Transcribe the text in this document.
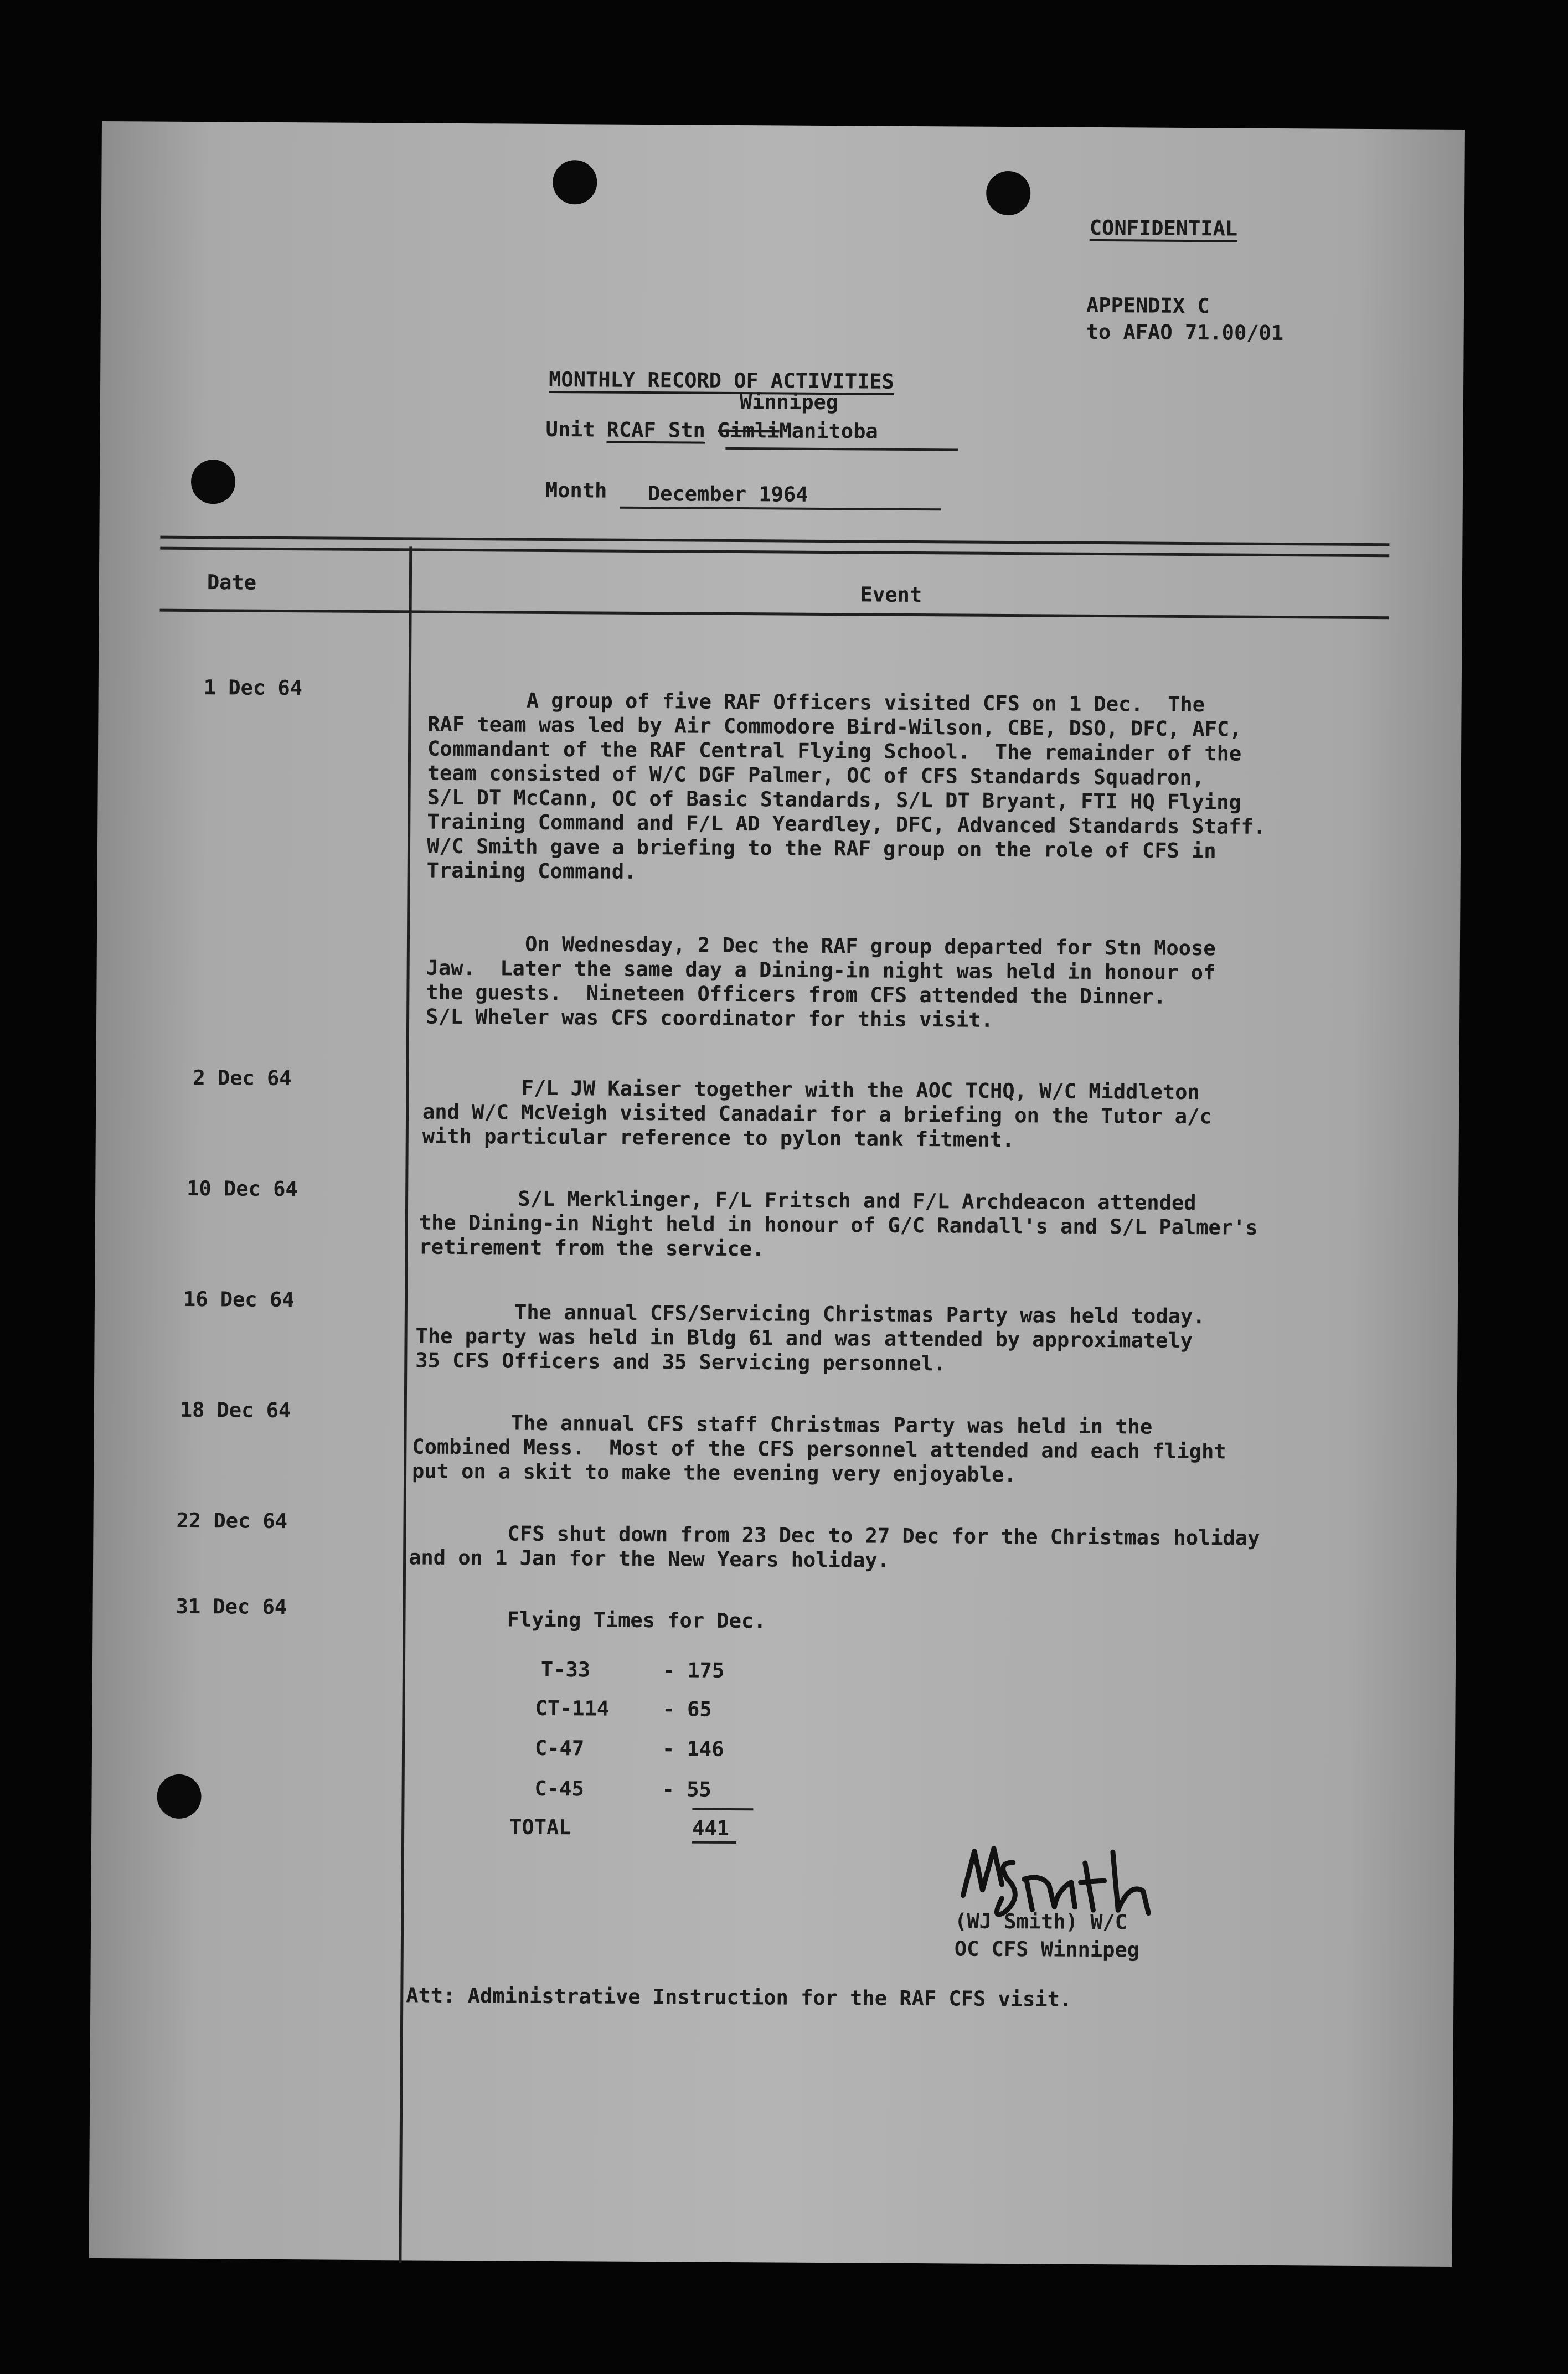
CONFIDENTIAL
APPENDIX C
to AFAO 71.00/01
MONTHLY RECORD OF ACTIVITIES
Unit
Winnipeg
RCAF Stn GimliManitoba
Month December 1964
Date
Event
1 Dec 64
A group of five RAF Officers visited CFS on 1 Dec.  The
RAF team was led by Air Commodore Bird-Wilson, CBE, DSO, DFC, AFC,
Commandant of the RAF Central Flying School.  The remainder of the
team consisted of W/C DGF Palmer, OC of CFS Standards Squadron,
S/L DT McCann, OC of Basic Standards, S/L DT Bryant, FTI HQ Flying
Training Command and F/L AD Yeardley, DFC, Advanced Standards Staff.
W/C Smith gave a briefing to the RAF group on the role of CFS in
Training Command.
On Wednesday, 2 Dec the RAF group departed for Stn Moose
Jaw.  Later the same day a Dining-in night was held in honour of
the guests.  Nineteen Officers from CFS attended the Dinner.
S/L Wheler was CFS coordinator for this visit.
2 Dec 64	F/L JW Kaiser together with the AOC TCHQ, W/C Middleton
and W/C McVeigh visited Canadair for a briefing on the Tutor a/c
with particular reference to pylon tank fitment.
10 Dec 64	S/L Merklinger, F/L Fritsch and F/L Archdeacon attended
the Dining-in Night held in honour of G/C Randall's and S/L Palmer's
retirement from the service.
16 Dec 64
The annual CFS/Servicing Christmas Party was held today.
The party was held in Bldg 61 and was attended by approximately
35 CFS Officers and 35 Servicing personnel.
18 Dec 64
The annual CFS staff Christmas Party was held in the
Combined Mess.  Most of the CFS personnel attended and each flight
put on a skit to make the evening very enjoyable.
22 Dec 64
CFS shut down from 23 Dec to 27 Dec for the Christmas holiday
and on 1 Jan for the New Years holiday.
31 Dec 64
Flying Times for Dec.
T-33	- 175
CT-114	- 65
C-47	- 146
C-45	- 55
TOTAL	441
(WJ Smith) W/C
OC CFS Winnipeg
Att: Administrative Instruction for the RAF CFS visit.
